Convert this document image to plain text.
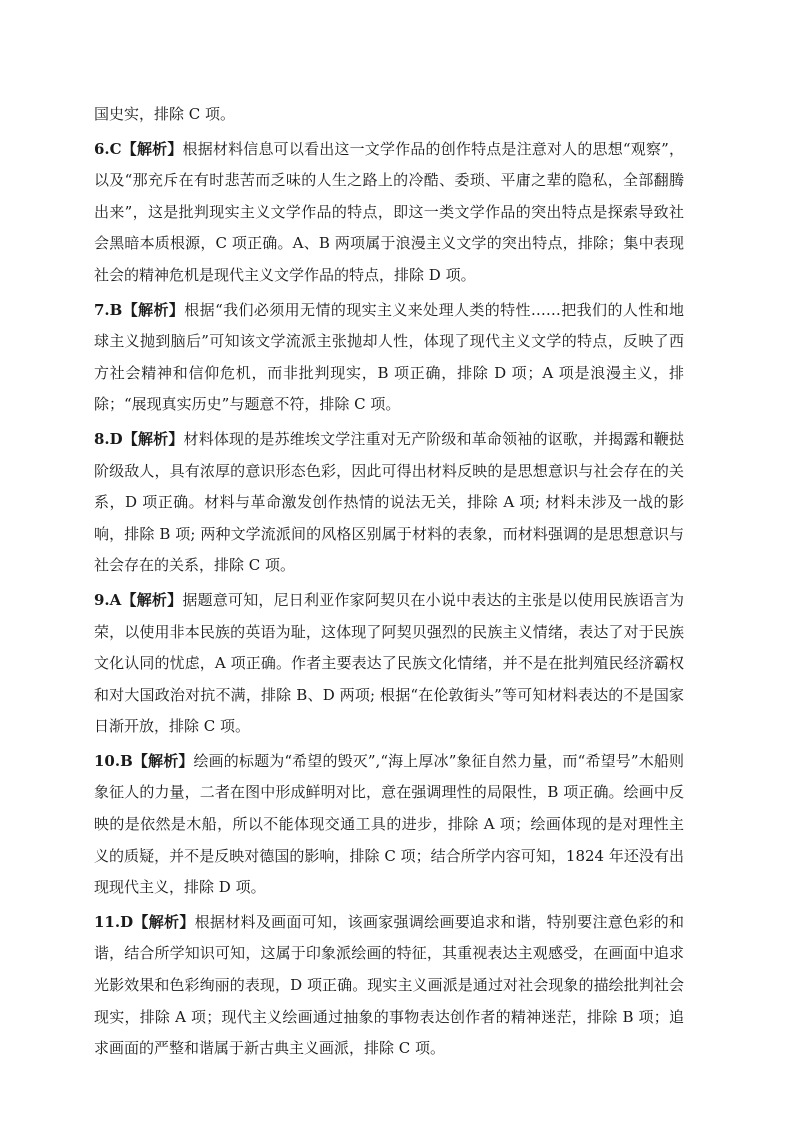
国史实，排除 C 项。

6.C【解析】根据材料信息可以看出这一文学作品的创作特点是注意对人的思想“观察”，以及“那充斥在有时悲苦而乏味的人生之路上的冷酷、委琐、平庸之辈的隐私，全部翻腾出来”，这是批判现实主义文学作品的特点，即这一类文学作品的突出特点是探索导致社会黑暗本质根源，C 项正确。A、B 两项属于浪漫主义文学的突出特点，排除；集中表现社会的精神危机是现代主义文学作品的特点，排除 D 项。

7.B【解析】根据“我们必须用无情的现实主义来处理人类的特性……把我们的人性和地球主义抛到脑后”可知该文学流派主张抛却人性，体现了现代主义文学的特点，反映了西方社会精神和信仰危机，而非批判现实，B 项正确，排除 D 项；A 项是浪漫主义，排除；“展现真实历史”与题意不符，排除 C 项。

8.D【解析】材料体现的是苏维埃文学注重对无产阶级和革命领袖的讴歌，并揭露和鞭挞阶级敌人，具有浓厚的意识形态色彩，因此可得出材料反映的是思想意识与社会存在的关系，D 项正确。材料与革命激发创作热情的说法无关，排除 A 项; 材料未涉及一战的影响，排除 B 项; 两种文学流派间的风格区别属于材料的表象，而材料强调的是思想意识与社会存在的关系，排除 C 项。

9.A【解析】据题意可知，尼日利亚作家阿契贝在小说中表达的主张是以使用民族语言为荣，以使用非本民族的英语为耻，这体现了阿契贝强烈的民族主义情绪，表达了对于民族文化认同的忧虑，A 项正确。作者主要表达了民族文化情绪，并不是在批判殖民经济霸权和对大国政治对抗不满，排除 B、D 两项; 根据“在伦敦街头”等可知材料表达的不是国家日渐开放，排除 C 项。

10.B【解析】绘画的标题为“希望的毁灭”,“海上厚冰”象征自然力量，而“希望号”木船则象征人的力量，二者在图中形成鲜明对比，意在强调理性的局限性，B 项正确。绘画中反映的是依然是木船，所以不能体现交通工具的进步，排除 A 项；绘画体现的是对理性主义的质疑，并不是反映对德国的影响，排除 C 项；结合所学内容可知，1824 年还没有出现现代主义，排除 D 项。

11.D【解析】根据材料及画面可知，该画家强调绘画要追求和谐，特别要注意色彩的和谐，结合所学知识可知，这属于印象派绘画的特征，其重视表达主观感受，在画面中追求光影效果和色彩绚丽的表现，D 项正确。现实主义画派是通过对社会现象的描绘批判社会现实，排除 A 项；现代主义绘画通过抽象的事物表达创作者的精神迷茫，排除 B 项；追求画面的严整和谐属于新古典主义画派，排除 C 项。
